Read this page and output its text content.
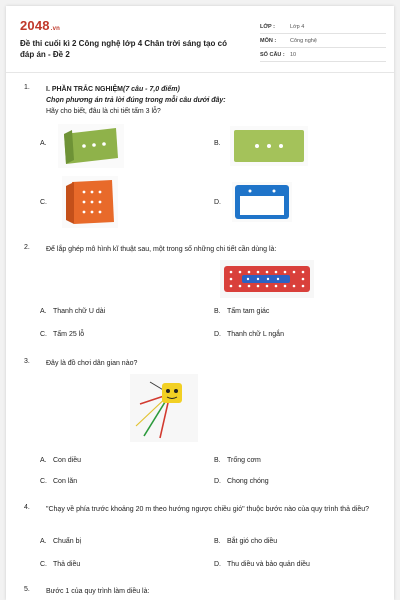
2048.vn
Đề thi cuối kì 2 Công nghệ lớp 4 Chân trời sáng tạo có đáp án - Đề 2
LỚP :	Lớp 4
MÔN :	Công nghệ
SỐ CÂU : 10
1. I. PHẦN TRẮC NGHIỆM(7 câu - 7,0 điểm)
Chọn phương án trả lời đúng trong mỗi câu dưới đây:
Hãy cho biết, đâu là chi tiết tấm 3 lỗ?
A.	B.
C.	D.
2. Để lắp ghép mô hình kĩ thuật sau, một trong số những chi tiết cần dùng là:
A. Thanh chữ U dài	B. Tấm tam giác
C. Tấm 25 lỗ	D. Thanh chữ L ngắn
3. Đây là đồ chơi dân gian nào?
A. Con diều	B. Trống cơm
C. Con lăn	D. Chong chóng
4. "Chạy về phía trước khoảng 20 m theo hướng ngược chiều gió" thuộc bước nào của quy trình thả diều?
A. Chuẩn bị	B. Bắt gió cho diều
C. Thả diều	D. Thu diều và bảo quản diều
5. Bước 1 của quy trình làm diều là:
